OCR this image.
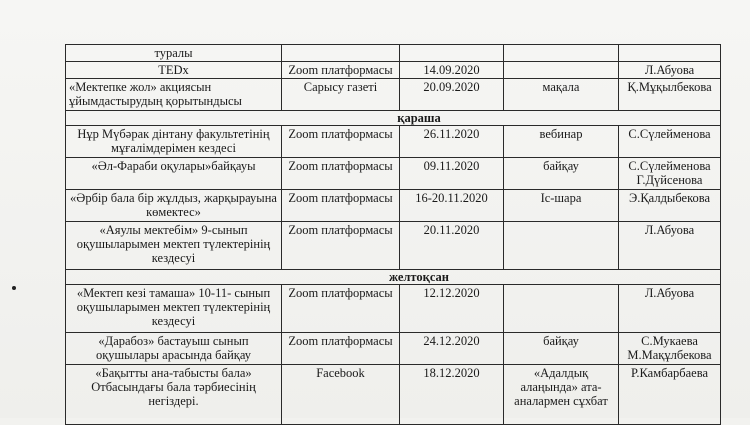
туралы				
TEDx	Zoom платформасы	14.09.2020		Л.Абуова
«Мектепке жол» акциясын ұйымдастырудың қорытындысы	Сарысу газеті	20.09.2020	мақала	Қ.Мұқылбекова
қараша				
Нұр Мүбәрак дінтану факультетінің мұғалімдерімен кездесі	Zoom платформасы	26.11.2020	вебинар	С.Сүлейменова
«Әл-Фараби оқулары»байқауы	Zoom платформасы	09.11.2020	байқау	С.Сүлейменова Г.Дүйсенова
«Әрбір бала бір жұлдыз, жарқырауына көмектес»	Zoom платформасы	16-20.11.2020	Іс-шара	Э.Қалдыбекова
«Аяулы мектебім» 9-сынып оқушыларымен мектеп түлектерінің кездесуі	Zoom платформасы	20.11.2020		Л.Абуова
желтоқсан				
«Мектеп кезі тамаша» 10-11- сынып оқушыларымен мектеп түлектерінің кездесуі	Zoom платформасы	12.12.2020		Л.Абуова
«Дарабоз» бастауыш сынып оқушылары арасында байқау	Zoom платформасы	24.12.2020	байқау	С.Мукаева М.Мақұлбекова
«Бақытты ана-табысты бала» Отбасындағы бала тәрбиесінің негіздері.	Facebook	18.12.2020	«Адалдық алаңында» ата-аналармен сұхбат	Р.Камбарбаева
